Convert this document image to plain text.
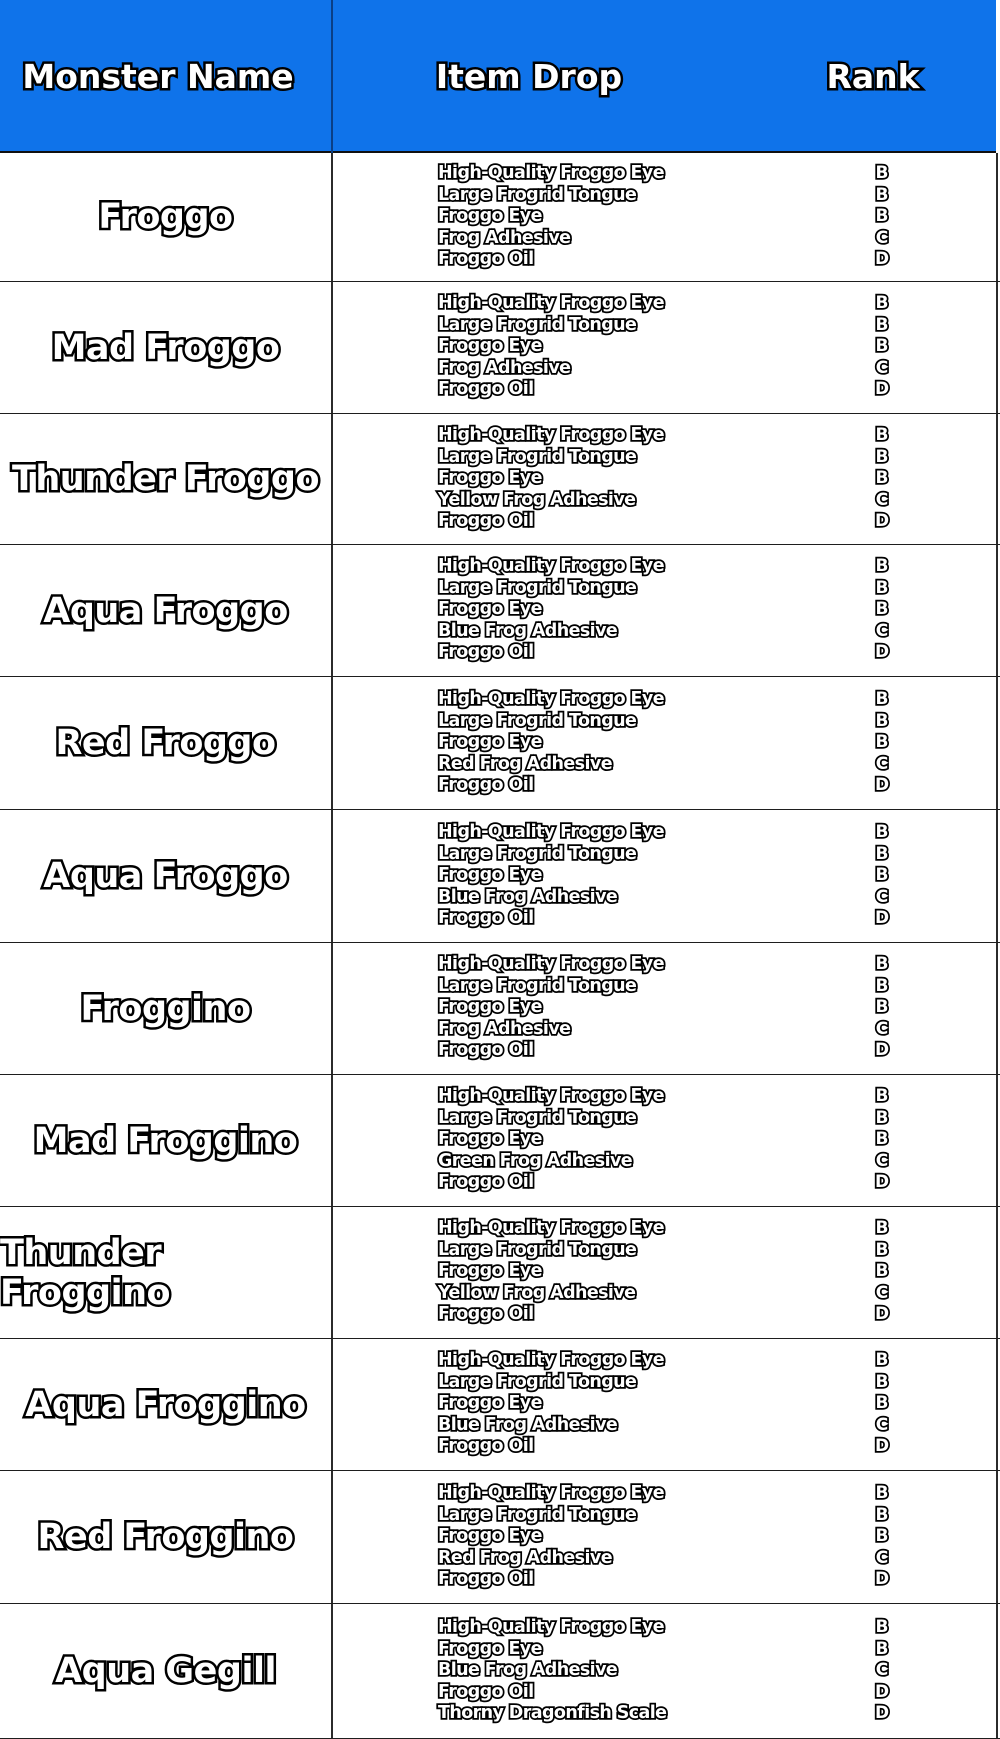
Monster Name	Item Drop	Rank
Froggo
High-Quality Froggo Eye
Large Frogrid Tongue
Froggo Eye
Frog Adhesive
Froggo Oil
B
B
B
C
D
Mad Froggo
High-Quality Froggo Eye
Large Frogrid Tongue
Froggo Eye
Frog Adhesive
Froggo Oil
B
B
B
C
D
Thunder Froggo
High-Quality Froggo Eye
Large Frogrid Tongue
Froggo Eye
Yellow Frog Adhesive
Froggo Oil
B
B
B
C
D
Aqua Froggo
High-Quality Froggo Eye
Large Frogrid Tongue
Froggo Eye
Blue Frog Adhesive
Froggo Oil
B
B
B
C
D
Red Froggo
High-Quality Froggo Eye
Large Frogrid Tongue
Froggo Eye
Red Frog Adhesive
Froggo Oil
B
B
B
C
D
Aqua Froggo
High-Quality Froggo Eye
Large Frogrid Tongue
Froggo Eye
Blue Frog Adhesive
Froggo Oil
B
B
B
C
D
Froggino
High-Quality Froggo Eye
Large Frogrid Tongue
Froggo Eye
Frog Adhesive
Froggo Oil
B
B
B
C
D
Mad Froggino
High-Quality Froggo Eye
Large Frogrid Tongue
Froggo Eye
Green Frog Adhesive
Froggo Oil
B
B
B
C
D
Thunder Froggino
High-Quality Froggo Eye
Large Frogrid Tongue
Froggo Eye
Yellow Frog Adhesive
Froggo Oil
B
B
B
C
D
Aqua Froggino
High-Quality Froggo Eye
Large Frogrid Tongue
Froggo Eye
Blue Frog Adhesive
Froggo Oil
B
B
B
C
D
Red Froggino
High-Quality Froggo Eye
Large Frogrid Tongue
Froggo Eye
Red Frog Adhesive
Froggo Oil
B
B
B
C
D
Aqua Gegill
High-Quality Froggo Eye
Froggo Eye
Blue Frog Adhesive
Froggo Oil
Thorny Dragonfish Scale
B
B
C
D
D
